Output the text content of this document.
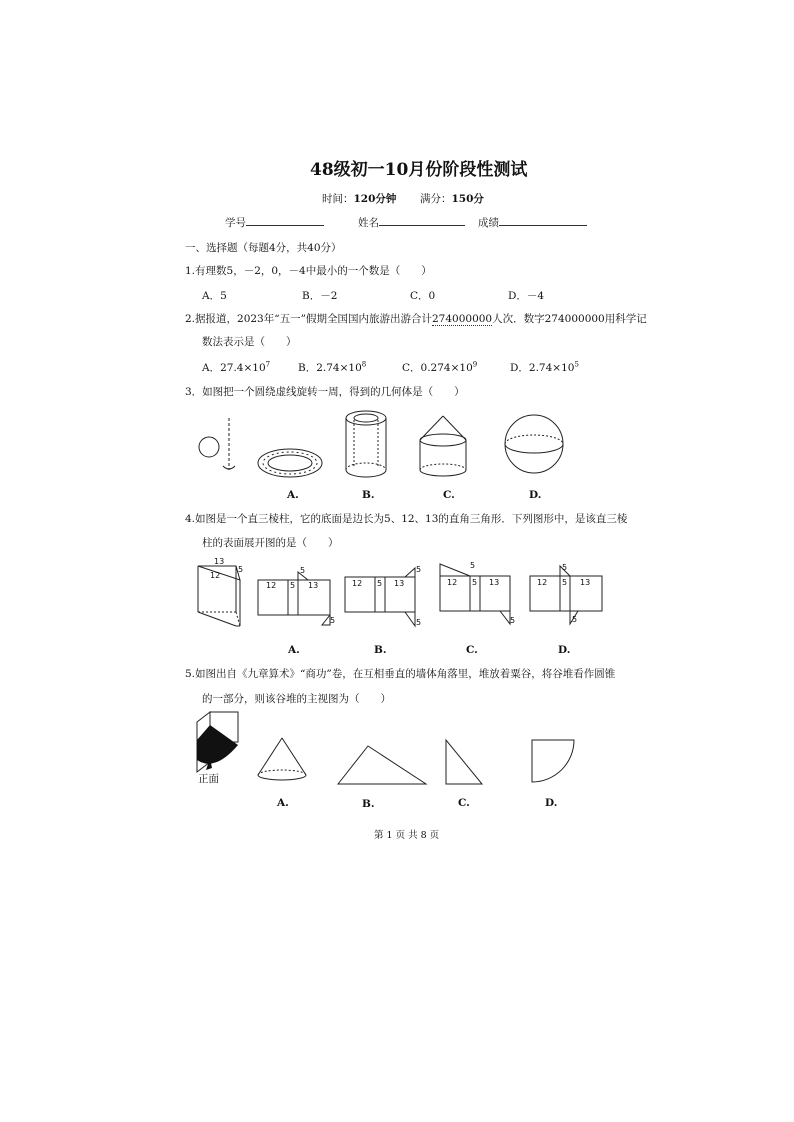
48级初一10月份阶段性测试
时间：120分钟 满分：150分
学号	姓名	成绩
一、选择题（每题4分，共40分）
1.有理数5，－2，0，－4中最小的一个数是（　　）
A．5	B．－2	C．0	D．－4
2.据报道，2023年“五一”假期全国国内旅游出游合计274000000人次．数字274000000用科学记
数法表示是（　　）
A．$27.4\times 10^7$	B．$2.74\times 10^8$	C．$0.274\times 10^9$	D．$2.74\times 10^5$
3．如图把一个圆绕虚线旋转一周，得到的几何体是（　　）
13
12
5
12 5 13
5
5
12 5 13
5
5
12 5 13
5
5
12 5 13
5
5
A.	B.	C.	D.
4.如图是一个直三棱柱，它的底面是边长为5、12、13的直角三角形．下列图形中，是该直三棱
柱的表面展开图的是（　　）
A.	B.	C.	D.
5.如图出自《九章算术》“商功”卷，在互相垂直的墙体角落里，堆放着粟谷，将谷堆看作圆锥
的一部分，则该谷堆的主视图为（　　）
正面
A.	B.	C.	D.
第 1 页 共 8 页
